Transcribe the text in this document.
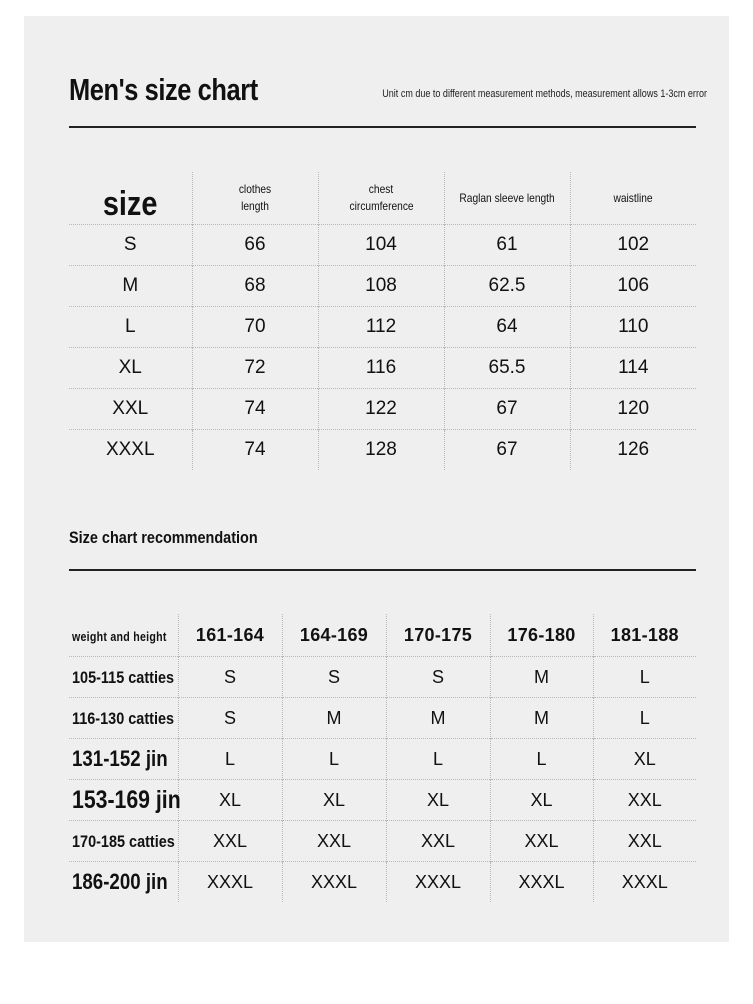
Men's size chart	Unit cm due to different measurement methods, measurement allows 1-3cm error
size	clothes length	chest circumference	Raglan sleeve length	waistline
S	66	104	61	102
M	68	108	62.5	106
L	70	112	64	110
XL	72	116	65.5	114
XXL	74	122	67	120
XXXL	74	128	67	126
Size chart recommendation
weight and height	161-164	164-169	170-175	176-180	181-188
105-115 catties	S	S	S	M	L
116-130 catties	S	M	M	M	L
131-152 jin	L	L	L	L	XL
153-169 jin	XL	XL	XL	XL	XXL
170-185 catties	XXL	XXL	XXL	XXL	XXL
186-200 jin	XXXL	XXXL	XXXL	XXXL	XXXL
